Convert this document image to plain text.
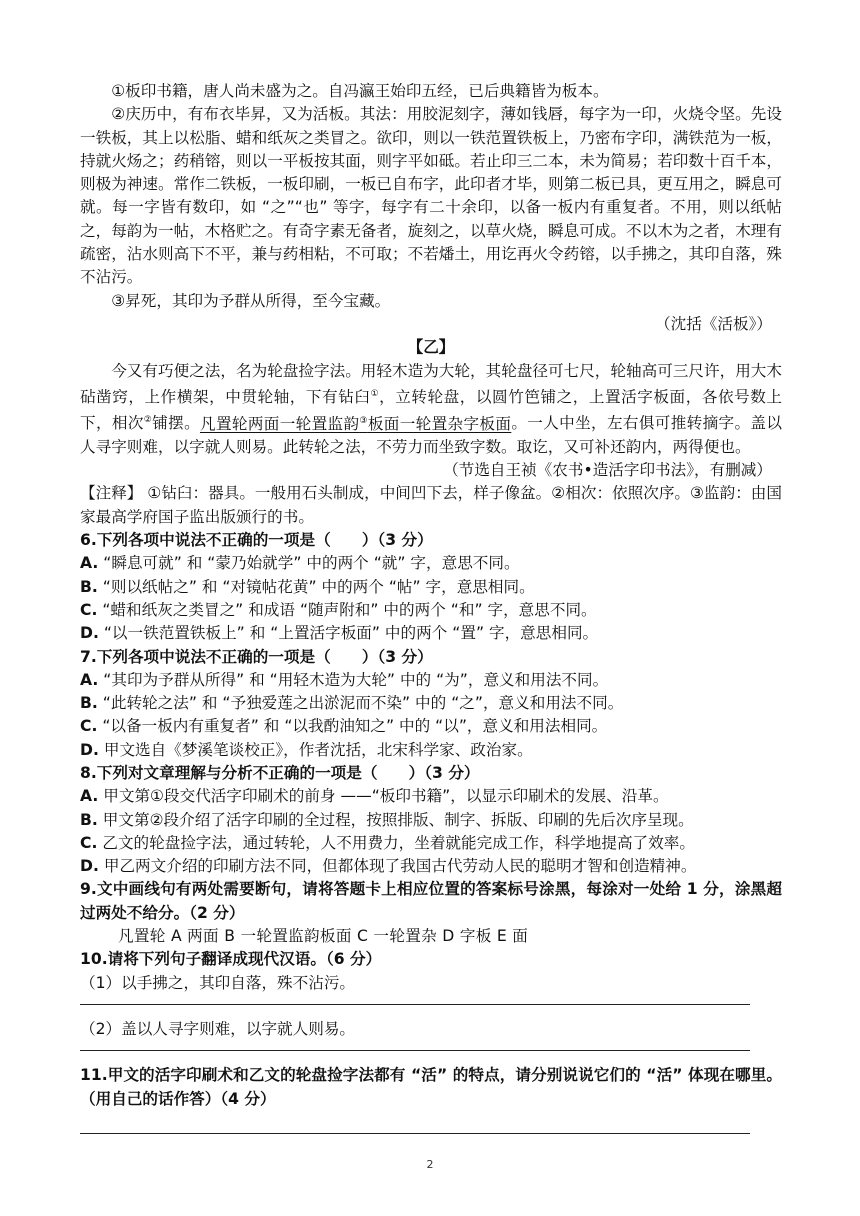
①板印书籍，唐人尚未盛为之。自冯瀛王始印五经，已后典籍皆为板本。

②庆历中，有布衣毕昇，又为活板。其法：用胶泥刻字，薄如钱唇，每字为一印，火烧令坚。先设一铁板，其上以松脂、蜡和纸灰之类冒之。欲印，则以一铁范置铁板上，乃密布字印，满铁范为一板，持就火炀之；药稍镕，则以一平板按其面，则字平如砥。若止印三二本，未为简易；若印数十百千本，则极为神速。常作二铁板，一板印刷，一板已自布字，此印者才毕，则第二板已具，更互用之，瞬息可就。每一字皆有数印，如 “之”“也” 等字，每字有二十余印，以备一板内有重复者。不用，则以纸帖之，每韵为一帖，木格贮之。有奇字素无备者，旋刻之，以草火烧，瞬息可成。不以木为之者，木理有疏密，沾水则高下不平，兼与药相粘，不可取；不若燔土，用讫再火令药镕，以手拂之，其印自落，殊不沾污。

③昇死，其印为予群从所得，至今宝藏。

（沈括《活板》）

【乙】

今又有巧便之法，名为轮盘捡字法。用轻木造为大轮，其轮盘径可七尺，轮轴高可三尺许，用大木砧凿窍，上作横架，中贯轮轴，下有钻臼①，立转轮盘，以圆竹笆铺之，上置活字板面，各依号数上下，相次②铺摆。凡置轮两面一轮置监韵③板面一轮置杂字板面。一人中坐，左右俱可推转摘字。盖以人寻字则难，以字就人则易。此转轮之法，不劳力而坐致字数。取讫，又可补还韵内，两得便也。

（节选自王祯《农书•造活字印书法》，有删减）

【注释】 ①钻臼：器具。一般用石头制成，中间凹下去，样子像盆。②相次：依照次序。③监韵：由国家最高学府国子监出版颁行的书。

6.下列各项中说法不正确的一项是（　　）（3 分）

A. “瞬息可就” 和 “蒙乃始就学” 中的两个 “就” 字，意思不同。

B. “则以纸帖之” 和 “对镜帖花黄” 中的两个 “帖” 字，意思相同。

C. “蜡和纸灰之类冒之” 和成语 “随声附和” 中的两个 “和” 字，意思不同。

D. “以一铁范置铁板上” 和 “上置活字板面” 中的两个 “置” 字，意思相同。

7.下列各项中说法不正确的一项是（　　）（3 分）

A. “其印为予群从所得” 和 “用轻木造为大轮” 中的 “为”，意义和用法不同。

B. “此转轮之法” 和 “予独爱莲之出淤泥而不染” 中的 “之”，意义和用法不同。

C. “以备一板内有重复者” 和 “以我酌油知之” 中的 “以”，意义和用法相同。

D. 甲文选自《梦溪笔谈校正》，作者沈括，北宋科学家、政治家。

8.下列对文章理解与分析不正确的一项是（　　）（3 分）

A. 甲文第①段交代活字印刷术的前身 ——“板印书籍”，以显示印刷术的发展、沿革。

B. 甲文第②段介绍了活字印刷的全过程，按照排版、制字、拆版、印刷的先后次序呈现。

C. 乙文的轮盘捡字法，通过转轮，人不用费力，坐着就能完成工作，科学地提高了效率。

D. 甲乙两文介绍的印刷方法不同，但都体现了我国古代劳动人民的聪明才智和创造精神。

9.文中画线句有两处需要断句，请将答题卡上相应位置的答案标号涂黑，每涂对一处给 1 分，涂黑超过两处不给分。（2 分）

凡置轮 A 两面 B 一轮置监韵板面 C 一轮置杂 D 字板 E 面

10.请将下列句子翻译成现代汉语。（6 分）

（1）以手拂之，其印自落，殊不沾污。

（2）盖以人寻字则难，以字就人则易。

11.甲文的活字印刷术和乙文的轮盘捡字法都有 “活” 的特点，请分别说说它们的 “活” 体现在哪里。（用自己的话作答）（4 分）

2
